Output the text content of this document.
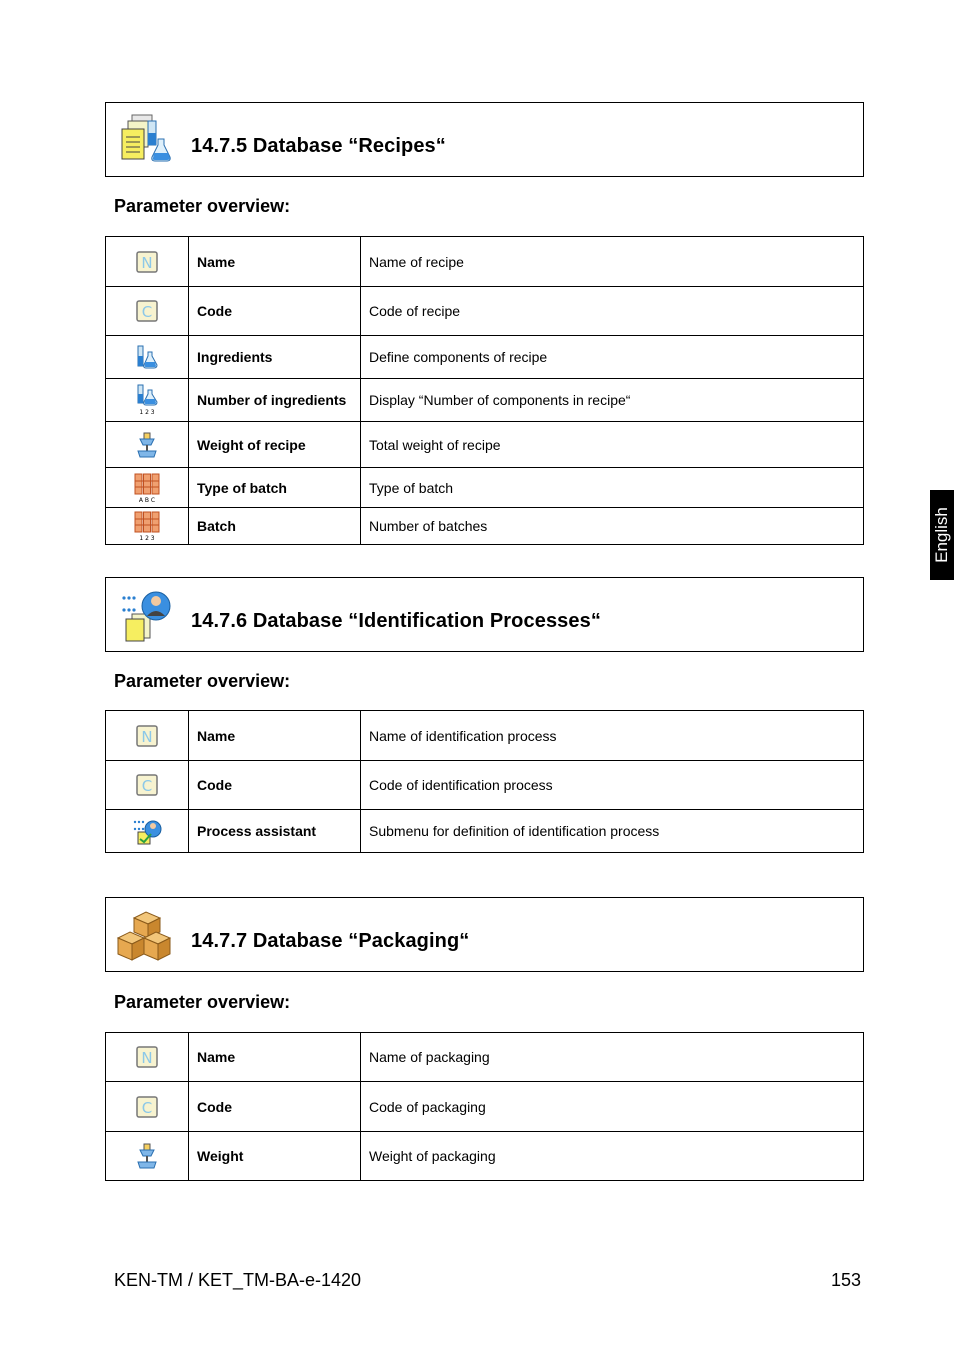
14.7.5 Database “Recipes“
Parameter overview:
N	Name	Name of recipe

C	Code	Code of recipe

	Ingredients	Define components of recipe

1 2 3	Number of ingredients	Display “Number of components in recipe“

	Weight of recipe	Total weight of recipe

A B C	Type of batch	Type of batch

1 2 3	Batch	Number of batches
14.7.6 Database “Identification Processes“
Parameter overview:
N	Name	Name of identification process

C	Code	Code of identification process

	Process assistant	Submenu for definition of identification process
14.7.7 Database “Packaging“
Parameter overview:
N	Name	Name of packaging

C	Code	Code of packaging

	Weight	Weight of packaging
English
KEN-TM / KET_TM-BA-e-1420	153
